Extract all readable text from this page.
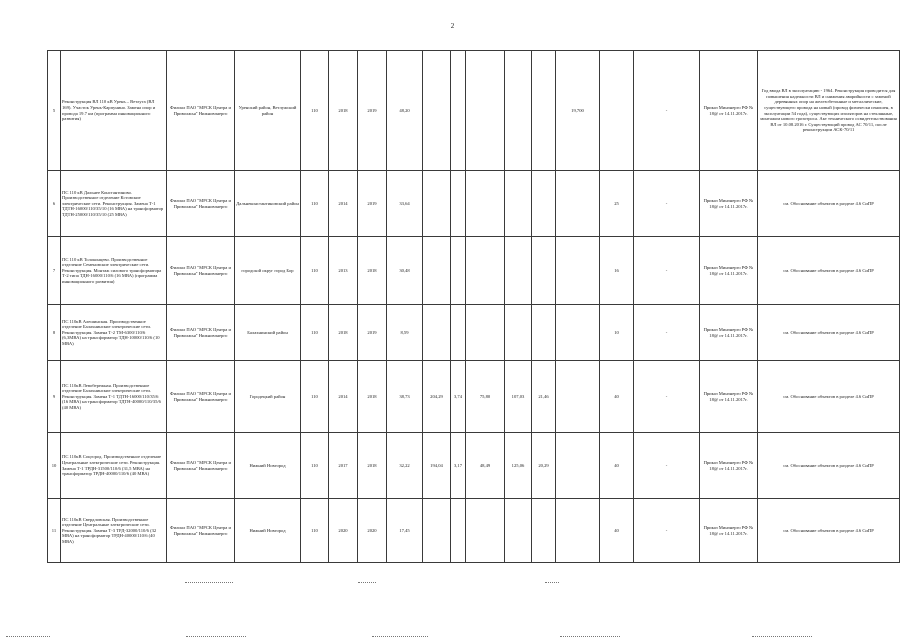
2
5	Реконструкция ВЛ 110 кВ Урень – Ветлуга (ВЛ 169). Участок Урень-Карпунино. Замена опор и провода 19.7 км (программа инновационного развития)	Филиал ПАО "МРСК Центра и Приволжья" Нижновэнерго	Уренский район, Ветлужский район	110	2018	2019	48,20						19,700		-	Приказ Минэнерго РФ № 18@ от 14.11.2017г.	Год ввода ВЛ в эксплуатацию - 1964. Реконструкция проводится для повышения надежности ВЛ и снижения аварийности с заменой деревянных опор на железобетонные и металлические, существующего провода на новый (провод физически изношен, в эксплуатации 54 года), существующих изоляторов на стеклянные, монтажом нового грозотроса. Акт технического освидетельствования ВЛ от 10.08.2016 г. Существующий провод АС 70/11, после реконструкции АСК-70/11
6	ПС 110 кВ Дальнее Константиново. Производственное отделение Кстовские электрические сети. Реконструкция. Замена Т-1 ТДТН-16000/110/35/10 (16 МВА) на трансформатор ТДТН-25000/110/35/10 (25 МВА)	Филиал ПАО "МРСК Центра и Приволжья" Нижновэнерго	Дальнеконстантиновский район	110	2014	2019	33,64							25	-	Приказ Минэнерго РФ № 18@ от 14.11.2017г.	см. Обоснование объектов в разделе 4.6 СиПР
7	ПС 110 кВ Толоконцево. Производственное отделение Семеновские электрические сети. Реконструкция. Монтаж силового трансформатора Т-2 типа ТДН-16000/110/6 (16 МВА) (программа инновационного развития)	Филиал ПАО "МРСК Центра и Приволжья" Нижновэнерго	городской округ город Бор	110	2013	2018	30,48							16	-	Приказ Минэнерго РФ № 18@ от 14.11.2017г.	см. Обоснование объектов в разделе 4.6 СиПР
8	ПС 110кВ Алешинская. Производственное отделение Балахнинские электрические сети. Реконструкция. Замена Т-2 ТМ-6300/110/6 (6,3МВА) на трансформатор ТДН-10000/110/6 (10 МВА)	Филиал ПАО "МРСК Центра и Приволжья" Нижновэнерго	Балахнинский район	110	2018	2019	8,59							10	-	Приказ Минэнерго РФ № 18@ от 14.11.2017г.	см. Обоснование объектов в разделе 4.6 СиПР
9	ПС 110кВ Левобережная. Производственное отделение Балахнинские электрические сети. Реконструкция. Замена Т-1 ТДТН-16000/110/35/6 (16 МВА) на трансформатор ТДТН-40000/110/35/6 (40 МВА)	Филиал ПАО "МРСК Центра и Приволжья" Нижновэнерго	Городецкий район	110	2014	2018	38,73	204,29	3,74	75,80	107,03	21,46		40	-	Приказ Минэнерго РФ № 18@ от 14.11.2017г.	см. Обоснование объектов в разделе 4.6 СиПР
10	ПС 110кВ Соцгород. Производственное отделение Центральные электрические сети. Реконструкция. Замена Т-1 ТРДН-31500/110/6 (31,5 МВА) на трансформатор ТРДН-40000/110/6 (40 МВА)	Филиал ПАО "МРСК Центра и Приволжья" Нижновэнерго	Нижний Новгород	110	2017	2018	32,22	194,04	3,17	48,49	125,06	20,29		40	-	Приказ Минэнерго РФ № 18@ от 14.11.2017г.	см. Обоснование объектов в разделе 4.6 СиПР
11	ПС 110кВ Свердловская. Производственное отделение Центральные электрические сети. Реконструкция. Замена Т-3 ТРД-32000/110/6 (32 МВА) на трансформатор ТРДН-40000/110/6 (40 МВА)	Филиал ПАО "МРСК Центра и Приволжья" Нижновэнерго	Нижний Новгород	110	2020	2020	17,45							40	-	Приказ Минэнерго РФ № 18@ от 14.11.2017г.	см. Обоснование объектов в разделе 4.6 СиПР
